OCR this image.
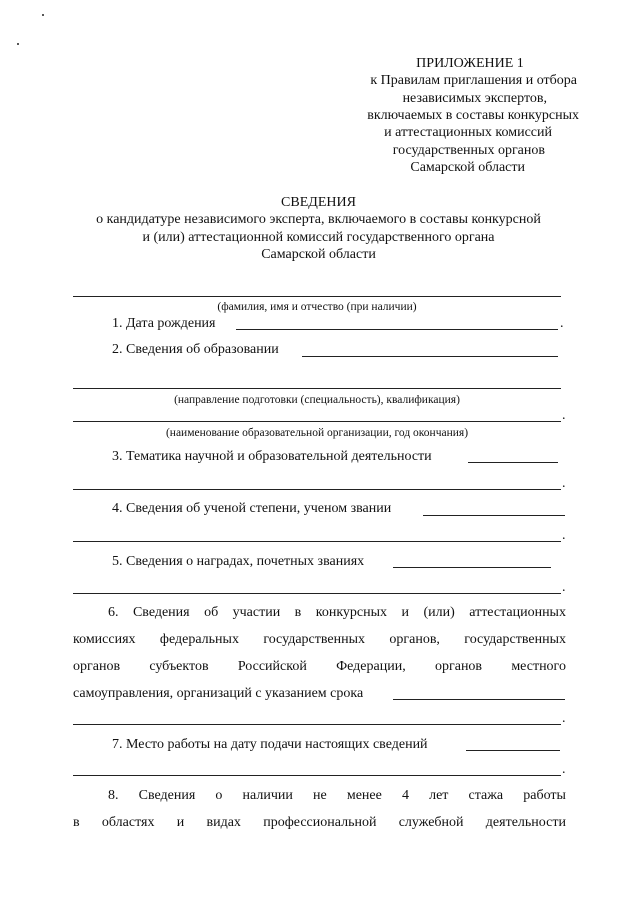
ПРИЛОЖЕНИЕ 1
к Правилам приглашения и отбора
независимых экспертов,
включаемых в составы конкурсных
и аттестационных комиссий
государственных органов
Самарской области
СВЕДЕНИЯ
о кандидатуре независимого эксперта, включаемого в составы конкурсной
и (или) аттестационной комиссий государственного органа
Самарской области
(фамилия, имя и отчество (при наличии)
1. Дата рождения	.
2. Сведения об образовании
(направление подготовки (специальность), квалификация)
.
(наименование образовательной организации, год окончания)
3. Тематика научной и образовательной деятельности
.
4. Сведения об ученой степени, ученом звании
.
5. Сведения о наградах, почетных званиях
.
6. Сведения об участии в конкурсных и (или) аттестационных
комиссиях федеральных государственных органов, государственных
органов субъектов Российской Федерации, органов местного
самоуправления, организаций с указанием срока
.
7. Место работы на дату подачи настоящих сведений
.
8. Сведения о наличии не менее 4 лет стажа работы
в областях и видах профессиональной служебной деятельности
